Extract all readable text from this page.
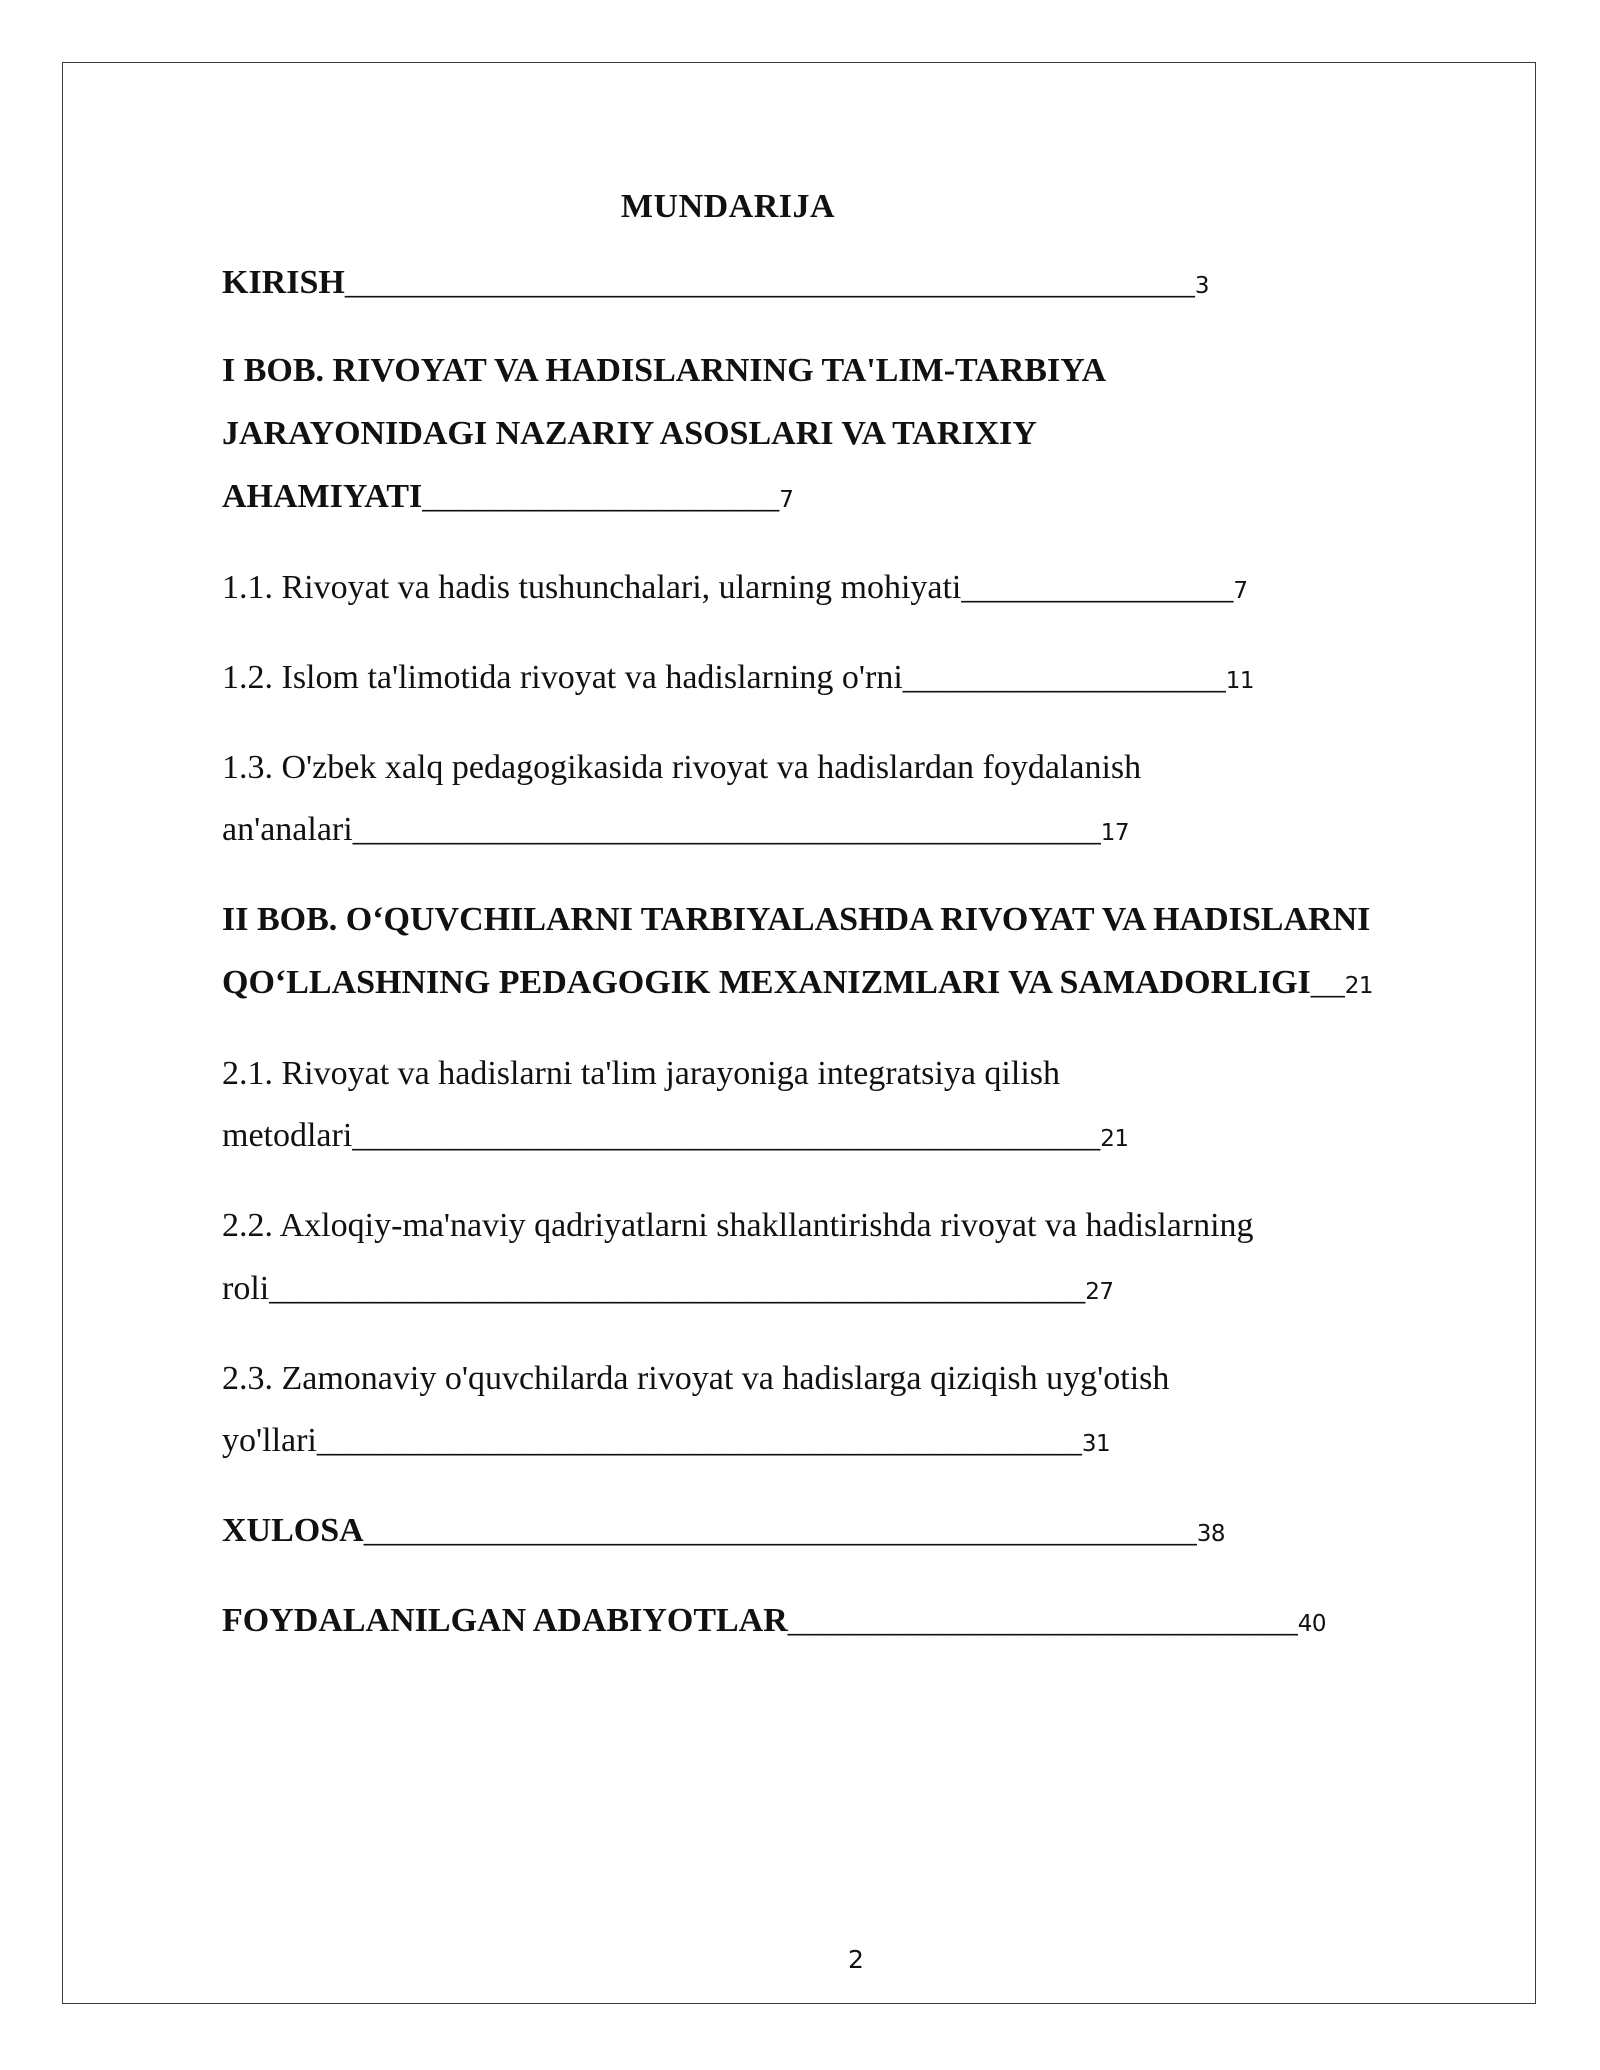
MUNDARIJA
KIRISH__________________________________________________3
I BOB. RIVOYAT VA HADISLARNING TA'LIM-TARBIYA
JARAYONIDAGI NAZARIY ASOSLARI VA TARIXIY
AHAMIYATI_____________________7
1.1. Rivoyat va hadis tushunchalari, ularning mohiyati________________7
1.2. Islom ta'limotida rivoyat va hadislarning o'rni___________________11
1.3. O'zbek xalq pedagogikasida rivoyat va hadislardan foydalanish
an'analari____________________________________________17
II BOB. O‘QUVCHILARNI TARBIYALASHDA RIVOYAT VA HADISLARNI
QO‘LLASHNING PEDAGOGIK MEXANIZMLARI VA SAMADORLIGI__21
2.1. Rivoyat va hadislarni ta'lim jarayoniga integratsiya qilish
metodlari____________________________________________21
2.2. Axloqiy-ma'naviy qadriyatlarni shakllantirishda rivoyat va hadislarning
roli________________________________________________27
2.3. Zamonaviy o'quvchilarda rivoyat va hadislarga qiziqish uyg'otish
yo'llari_____________________________________________31
XULOSA_________________________________________________38
FOYDALANILGAN ADABIYOTLAR______________________________40
2
